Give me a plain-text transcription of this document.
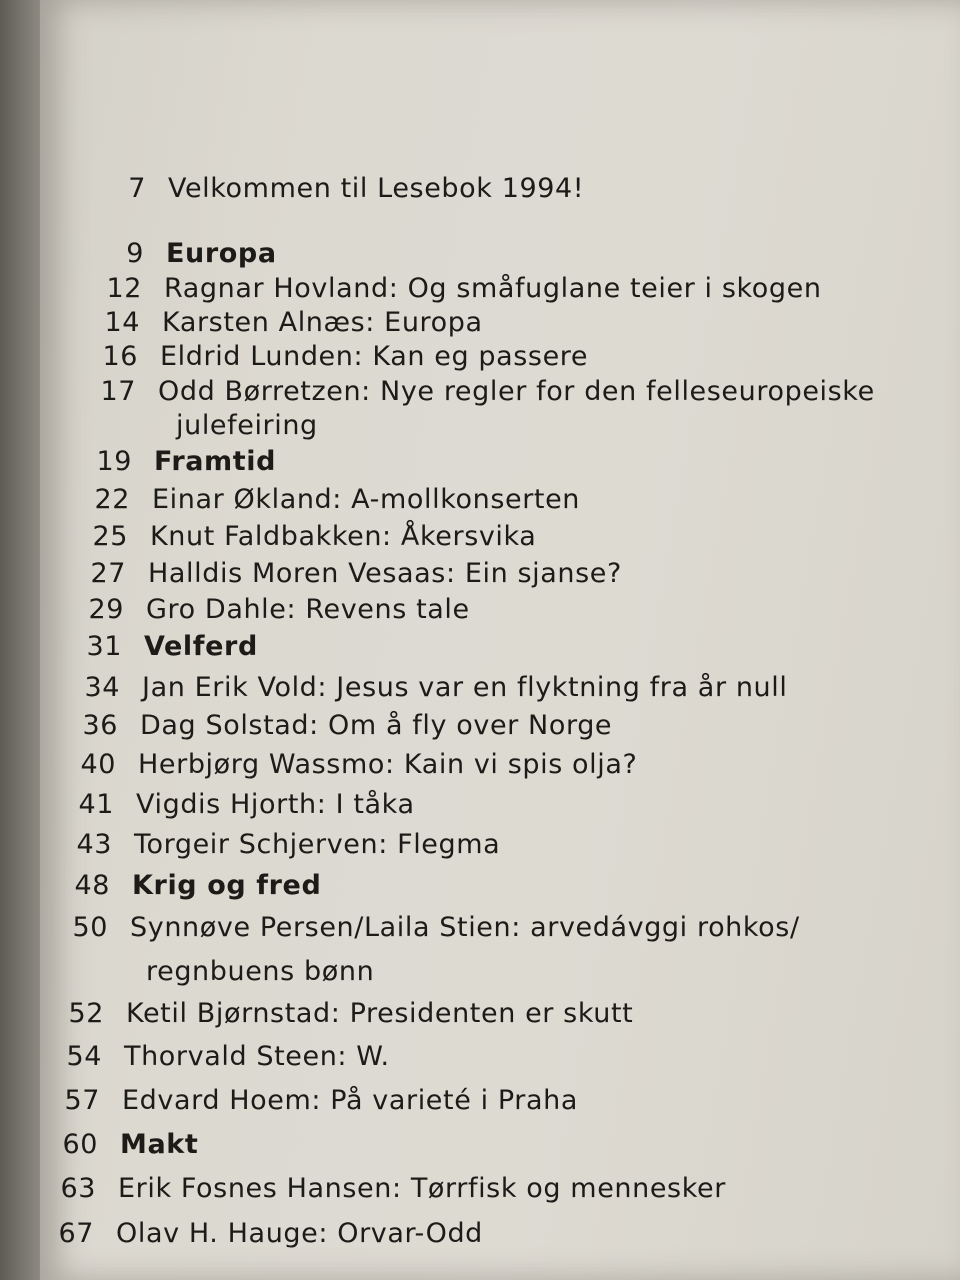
7 Velkommen til Lesebok 1994!
9 Europa
12 Ragnar Hovland: Og småfuglane teier i skogen
14 Karsten Alnæs: Europa
16 Eldrid Lunden: Kan eg passere
17 Odd Børretzen: Nye regler for den felleseuropeiske
julefeiring
19 Framtid
22 Einar Økland: A-mollkonserten
25 Knut Faldbakken: Åkersvika
27 Halldis Moren Vesaas: Ein sjanse?
29 Gro Dahle: Revens tale
31 Velferd
34 Jan Erik Vold: Jesus var en flyktning fra år null
36 Dag Solstad: Om å fly over Norge
40 Herbjørg Wassmo: Kain vi spis olja?
41 Vigdis Hjorth: I tåka
43 Torgeir Schjerven: Flegma
48 Krig og fred
50 Synnøve Persen/Laila Stien: arvedávggi rohkos/
regnbuens bønn
52 Ketil Bjørnstad: Presidenten er skutt
54 Thorvald Steen: W.
57 Edvard Hoem: På varieté i Praha
60 Makt
63 Erik Fosnes Hansen: Tørrfisk og mennesker
67 Olav H. Hauge: Orvar-Odd
